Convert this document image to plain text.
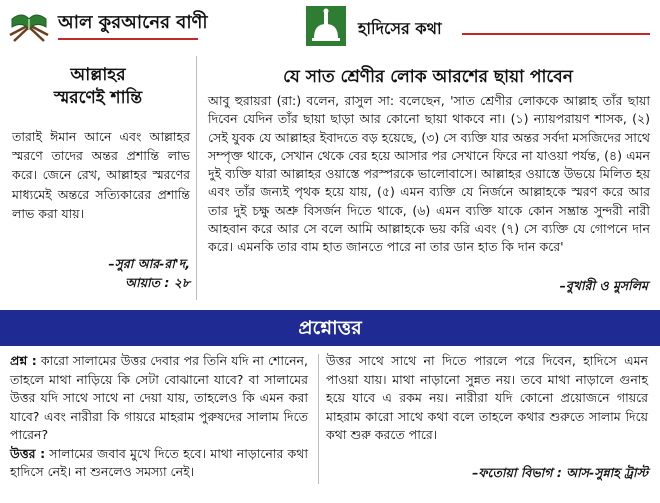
আল কুরআনের বাণী	হাদিসের কথা
আল্লাহর
স্মরণেই শান্তি
তারাই ঈমান আনে এবং আল্লাহর স্মরণে তাদের অন্তর প্রশান্তি লাভ করে। জেনে রেখ, আল্লাহর স্মরণের মাধ্যমেই অন্তরে সত্যিকারের প্রশান্তি লাভ করা যায়।
–সুরা আর-রা'দ,
আয়াত : ২৮
যে সাত শ্রেণীর লোক আরশের ছায়া পাবেন
আবু হুরায়রা (রা:) বলেন, রাসুল সা: বলেছেন, 'সাত শ্রেণীর লোককে আল্লাহ তাঁর ছায়া দিবেন যেদিন তাঁর ছায়া ছাড়া আর কোনো ছায়া থাকবে না। (১) ন্যায়পরায়ণ শাসক, (২) সেই যুবক যে আল্লাহর ইবাদতে বড় হয়েছে, (৩) সে ব্যক্তি যার অন্তর সর্বদা মসজিদের সাথে সম্পৃক্ত থাকে, সেখান থেকে বের হয়ে আসার পর সেখানে ফিরে না যাওয়া পর্যন্ত, (৪) এমন দুই ব্যক্তি যারা আল্লাহর ওয়াস্তে পরস্পরকে ভালোবাসে। আল্লাহর ওয়াস্তে উভয়ে মিলিত হয় এবং তাঁর জন্যই পৃথক হয়ে যায়, (৫) এমন ব্যক্তি যে নির্জনে আল্লাহকে স্মরণ করে আর তার দুই চক্ষু অশ্রু বিসর্জন দিতে থাকে, (৬) এমন ব্যক্তি যাকে কোন সম্ভ্রান্ত সুন্দরী নারী আহবান করে আর সে বলে আমি আল্লাহকে ভয় করি এবং (৭) সে ব্যক্তি যে গোপনে দান করে। এমনকি তার বাম হাত জানতে পারে না তার ডান হাত কি দান করে'
–বুখারী ও মুসলিম
প্রশ্নোত্তর
প্রশ্ন : কারো সালামের উত্তর দেবার পর তিনি যদি না শোনেন, তাহলে মাথা নাড়িয়ে কি সেটা বোঝানো যাবে? বা সালামের উত্তর যদি সাথে সাথে না দেয়া যায়, তাহলেও কি এমন করা যাবে? এবং নারীরা কি গায়রে মাহরাম পুরুষদের সালাম দিতে পারেন?
উত্তর : সালামের জবাব মুখে দিতে হবে। মাথা নাড়ানোর কথা হাদিসে নেই। না শুনলেও সমস্যা নেই।
উত্তর সাথে সাথে না দিতে পারলে পরে দিবেন, হাদিসে এমন পাওয়া যায়। মাথা নাড়ানো সুন্নত নয়। তবে মাথা নাড়ালে গুনাহ হয়ে যাবে এ রকম নয়। নারীরা যদি কোনো প্রয়োজনে গায়রে মাহরাম কারো সাথে কথা বলে তাহলে কথার শুরুতে সালাম দিয়ে কথা শুরু করতে পারে।
–ফতোয়া বিভাগ : আস-সুন্নাহ ট্রাস্ট
